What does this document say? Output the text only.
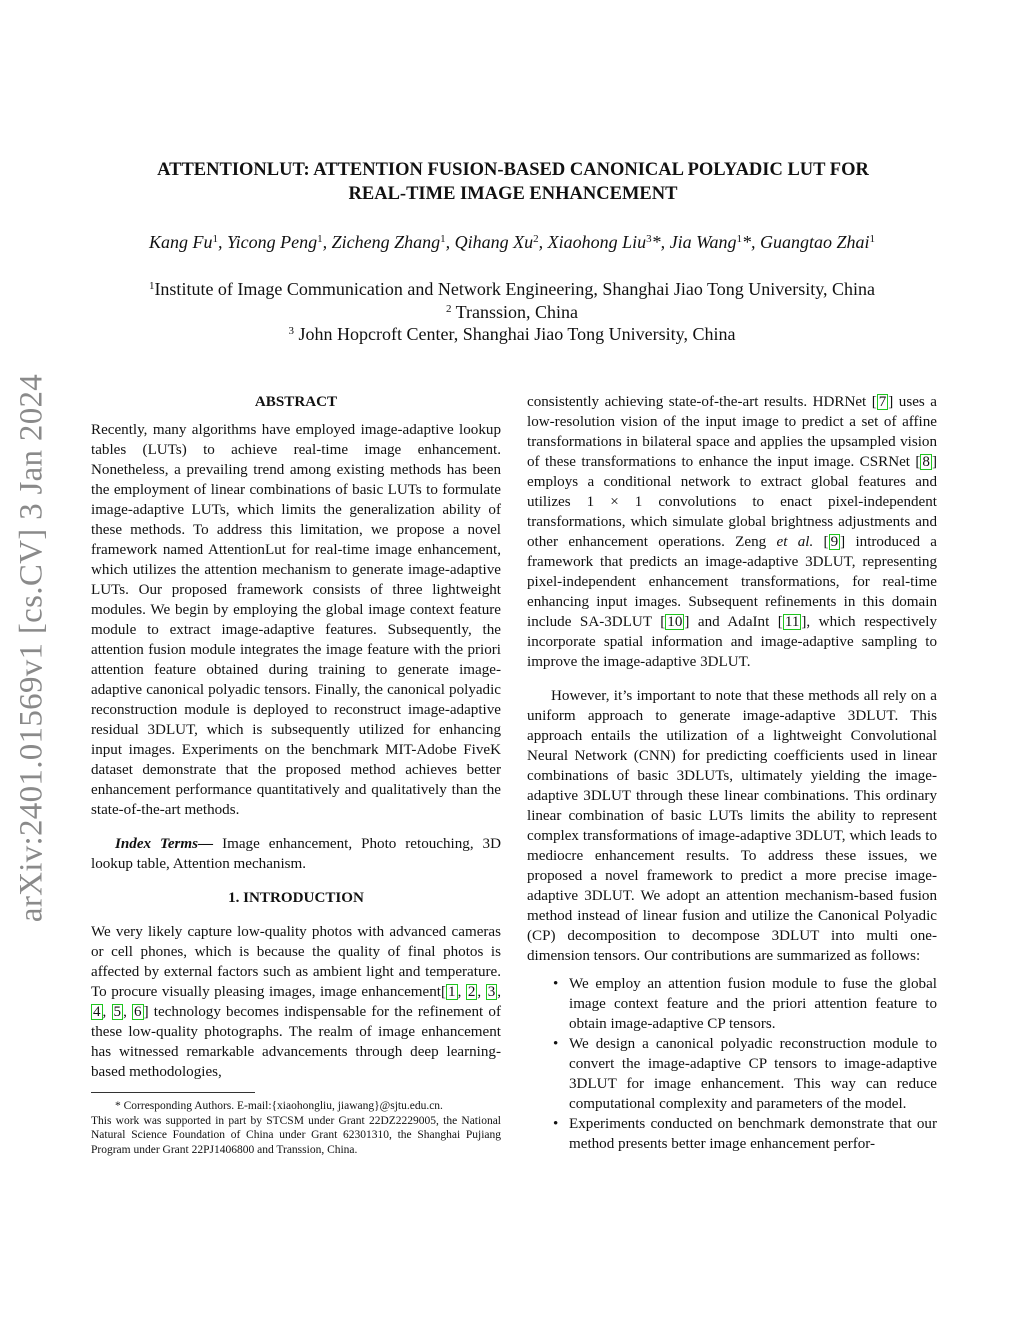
arXiv:2401.01569v1 [cs.CV] 3 Jan 2024
ATTENTIONLUT: ATTENTION FUSION-BASED CANONICAL POLYADIC LUT FOR
REAL-TIME IMAGE ENHANCEMENT
Kang Fu$^1$, Yicong Peng$^1$, Zicheng Zhang$^1$, Qihang Xu$^2$, Xiaohong Liu$^3$*, Jia Wang$^1$*, Guangtao Zhai$^1$
$^1$Institute of Image Communication and Network Engineering, Shanghai Jiao Tong University, China
$^2$ Transsion, China
$^3$ John Hopcroft Center, Shanghai Jiao Tong University, China
ABSTRACT

Recently, many algorithms have employed image-adaptive lookup tables (LUTs) to achieve real-time image enhancement. Nonetheless, a prevailing trend among existing methods has been the employment of linear combinations of basic LUTs to formulate image-adaptive LUTs, which limits the generalization ability of these methods. To address this limitation, we propose a novel framework named AttentionLut for real-time image enhancement, which utilizes the attention mechanism to generate image-adaptive LUTs. Our proposed framework consists of three lightweight modules. We begin by employing the global image context feature module to extract image-adaptive features. Subsequently, the attention fusion module integrates the image feature with the priori attention feature obtained during training to generate image-adaptive canonical polyadic tensors. Finally, the canonical polyadic reconstruction module is deployed to reconstruct image-adaptive residual 3DLUT, which is subsequently utilized for enhancing input images. Experiments on the benchmark MIT-Adobe FiveK dataset demonstrate that the proposed method achieves better enhancement performance quantitatively and qualitatively than the state-of-the-art methods.

Index Terms— Image enhancement, Photo retouching, 3D lookup table, Attention mechanism.

1. INTRODUCTION

We very likely capture low-quality photos with advanced cameras or cell phones, which is because the quality of final photos is affected by external factors such as ambient light and temperature. To procure visually pleasing images, image enhancement[ 1 , 2 , 3 , 4 , 5 , 6 ] technology becomes indispensable for the refinement of these low-quality photographs. The realm of image enhancement has witnessed remarkable advancements through deep learning-based methodologies,

* Corresponding Authors. E-mail:{xiaohongliu, jiawang}@sjtu.edu.cn.

This work was supported in part by STCSM under Grant 22DZ2229005, the National Natural Science Foundation of China under Grant 62301310, the Shanghai Pujiang Program under Grant 22PJ1406800 and Transsion, China.

consistently achieving state-of-the-art results. HDRNet [ 7 ] uses a low-resolution vision of the input image to predict a set of affine transformations in bilateral space and applies the upsampled vision of these transformations to enhance the input image. CSRNet [ 8 ] employs a conditional network to extract global features and utilizes 1 × 1 convolutions to enact pixel-independent transformations, which simulate global brightness adjustments and other enhancement operations. Zeng et al. [ 9 ] introduced a framework that predicts an image-adaptive 3DLUT, representing pixel-independent enhancement transformations, for real-time enhancing input images. Subsequent refinements in this domain include SA-3DLUT [ 10 ] and AdaInt [ 11 ], which respectively incorporate spatial information and image-adaptive sampling to improve the image-adaptive 3DLUT.

However, it’s important to note that these methods all rely on a uniform approach to generate image-adaptive 3DLUT. This approach entails the utilization of a lightweight Convolutional Neural Network (CNN) for predicting coefficients used in linear combinations of basic 3DLUTs, ultimately yielding the image-adaptive 3DLUT through these linear combinations. This ordinary linear combination of basic LUTs limits the ability to represent complex transformations of image-adaptive 3DLUT, which leads to mediocre enhancement results. To address these issues, we proposed a novel framework to predict a more precise image-adaptive 3DLUT. We adopt an attention mechanism-based fusion method instead of linear fusion and utilize the Canonical Polyadic (CP) decomposition to decompose 3DLUT into multi one-dimension tensors. Our contributions are summarized as follows:

• We employ an attention fusion module to fuse the global image context feature and the priori attention feature to obtain image-adaptive CP tensors.
• We design a canonical polyadic reconstruction module to convert the image-adaptive CP tensors to image-adaptive 3DLUT for image enhancement. This way can reduce computational complexity and parameters of the model.
• Experiments conducted on benchmark demonstrate that our method presents better image enhancement perfor-
